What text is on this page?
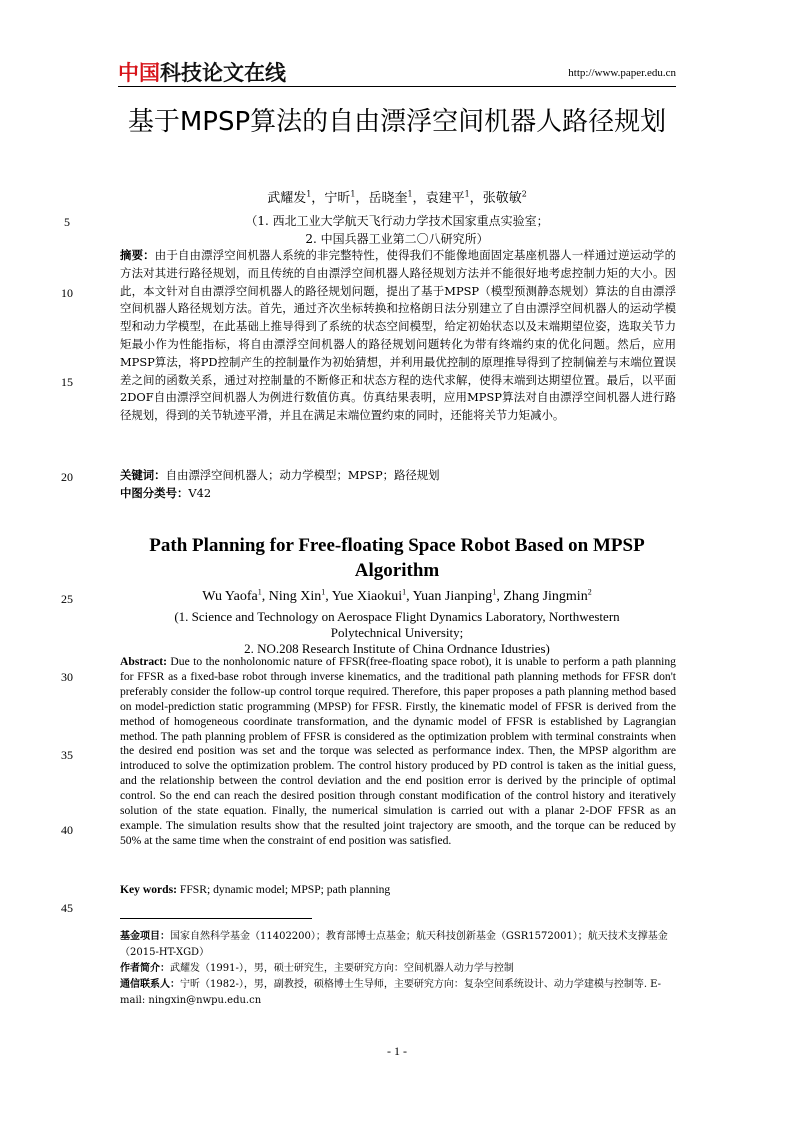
中国科技论文在线	http://www.paper.edu.cn
基于MPSP算法的自由漂浮空间机器人路径规划
武耀发$^1$，宁昕$^1$，岳晓奎$^1$，袁建平$^1$，张敬敏$^2$
（1. 西北工业大学航天飞行动力学技术国家重点实验室；
2. 中国兵器工业第二〇八研究所）
摘要：由于自由漂浮空间机器人系统的非完整特性，使得我们不能像地面固定基座机器人一样通过逆运动学的方法对其进行路径规划，而且传统的自由漂浮空间机器人路径规划方法并不能很好地考虑控制力矩的大小。因此，本文针对自由漂浮空间机器人的路径规划问题，提出了基于MPSP（模型预测静态规划）算法的自由漂浮空间机器人路径规划方法。首先，通过齐次坐标转换和拉格朗日法分别建立了自由漂浮空间机器人的运动学模型和动力学模型，在此基础上推导得到了系统的状态空间模型，给定初始状态以及末端期望位姿，选取关节力矩最小作为性能指标，将自由漂浮空间机器人的路径规划问题转化为带有终端约束的优化问题。然后，应用MPSP算法，将PD控制产生的控制量作为初始猜想，并利用最优控制的原理推导得到了控制偏差与末端位置误差之间的函数关系，通过对控制量的不断修正和状态方程的迭代求解，使得末端到达期望位置。最后，以平面2DOF自由漂浮空间机器人为例进行数值仿真。仿真结果表明，应用MPSP算法对自由漂浮空间机器人进行路径规划，得到的关节轨迹平滑，并且在满足末端位置约束的同时，还能将关节力矩减小。
关键词：自由漂浮空间机器人；动力学模型；MPSP；路径规划
中图分类号：V42
Path Planning for Free-floating Space Robot Based on MPSP Algorithm
Wu Yaofa$^1$, Ning Xin$^1$, Yue Xiaokui$^1$, Yuan Jianping$^1$, Zhang Jingmin$^2$
(1. Science and Technology on Aerospace Flight Dynamics Laboratory, Northwestern
Polytechnical University;
2. NO.208 Research Institute of China Ordnance Idustries)
Abstract: Due to the nonholonomic nature of FFSR(free-floating space robot), it is unable to perform a path planning for FFSR as a fixed-base robot through inverse kinematics, and the traditional path planning methods for FFSR don't preferably consider the follow-up control torque required. Therefore, this paper proposes a path planning method based on model-prediction static programming (MPSP) for FFSR. Firstly, the kinematic model of FFSR is derived from the method of homogeneous coordinate transformation, and the dynamic model of FFSR is established by Lagrangian method. The path planning problem of FFSR is considered as the optimization problem with terminal constraints when the desired end position was set and the torque was selected as performance index. Then, the MPSP algorithm are introduced to solve the optimization problem. The control history produced by PD control is taken as the initial guess, and the relationship between the control deviation and the end position error is derived by the principle of optimal control. So the end can reach the desired position through constant modification of the control history and iteratively solution of the state equation. Finally, the numerical simulation is carried out with a planar 2-DOF FFSR as an example. The simulation results show that the resulted joint trajectory are smooth, and the torque can be reduced by 50% at the same time when the constraint of end position was satisfied.
Key words: FFSR; dynamic model; MPSP; path planning
5
10
15
20
25
30
35
40
45
基金项目：国家自然科学基金（11402200）；教育部博士点基金；航天科技创新基金（GSR1572001）；航天技术支撑基金（2015-HT-XGD）
作者简介：武耀发（1991-），男，硕士研究生，主要研究方向：空间机器人动力学与控制
通信联系人：宁昕（1982-），男，副教授，硕格博士生导师，主要研究方向：复杂空间系统设计、动力学建模与控制等. E-mail: ningxin@nwpu.edu.cn
- 1 -
